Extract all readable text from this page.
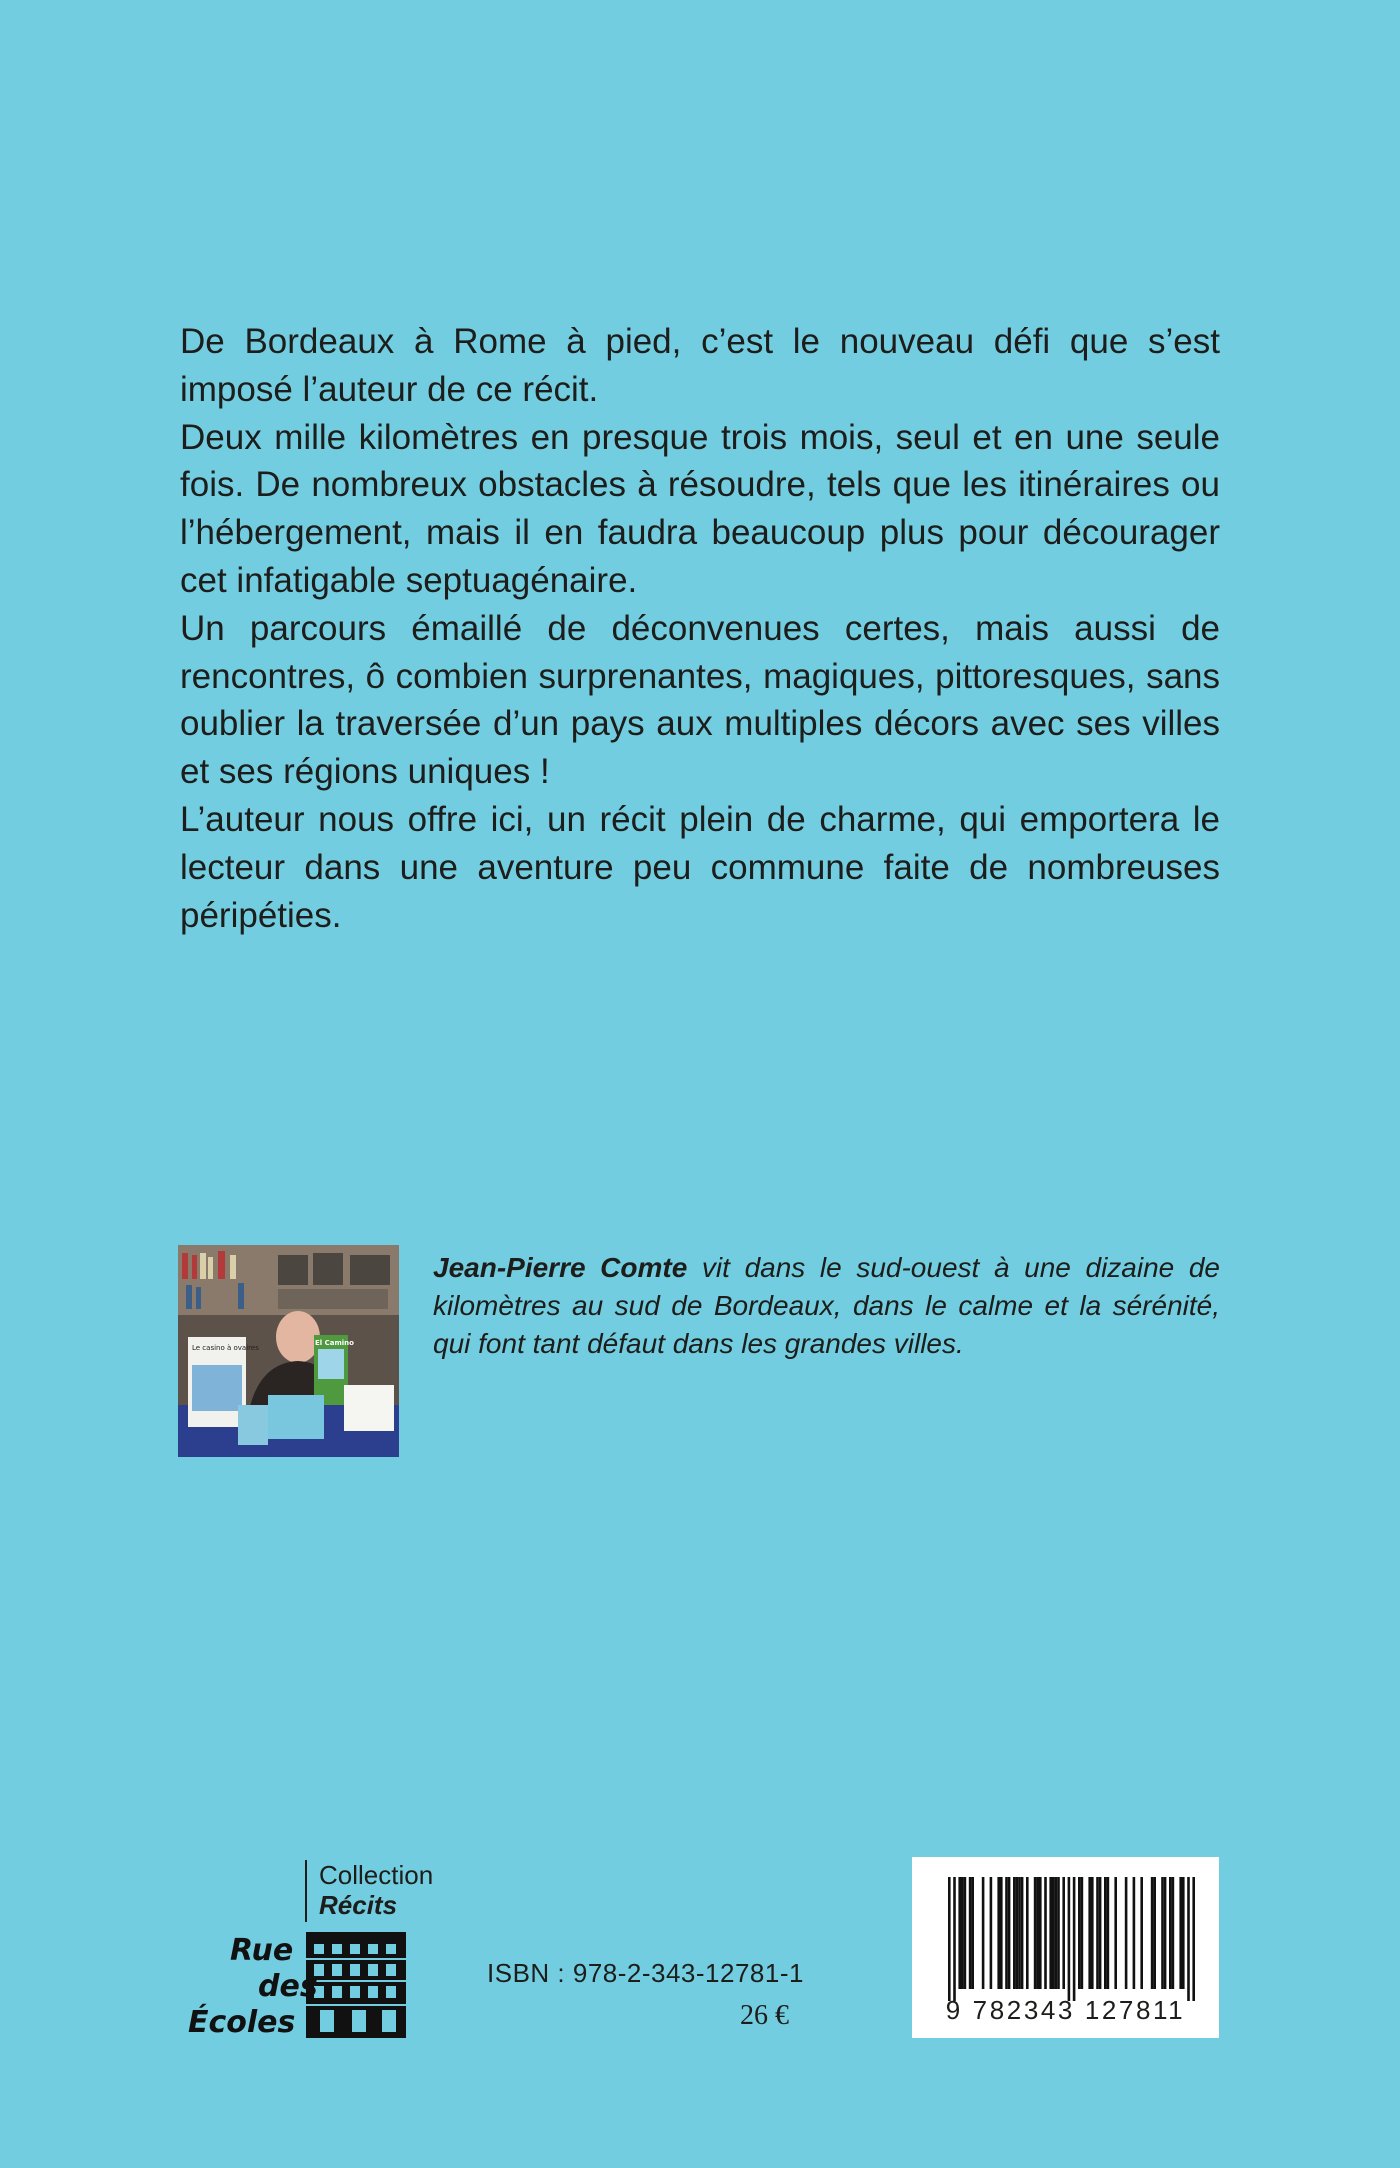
De Bordeaux à Rome à pied, c’est le nouveau défi que s’est imposé l’auteur de ce récit.

Deux mille kilomètres en presque trois mois, seul et en une seule fois. De nombreux obstacles à résoudre, tels que les itinéraires ou l’hébergement, mais il en faudra beaucoup plus pour décourager cet infatigable septuagénaire.

Un parcours émaillé de déconvenues certes, mais aussi de rencontres, ô combien surprenantes, magiques, pittoresques, sans oublier la traversée d’un pays aux multiples décors avec ses villes et ses régions uniques !

L’auteur nous offre ici, un récit plein de charme, qui emportera le lecteur dans une aventure peu commune faite de nombreuses péripéties.

Le casino à ovaires
El Camino

Jean-Pierre Comte vit dans le sud-ouest à une dizaine de kilomètres au sud de Bordeaux, dans le calme et la sérénité, qui font tant défaut dans les grandes villes.

Collection
Récits
Rue
des
Écoles
ISBN : 978-2-343-12781-1
26 €	9 782343 127811
